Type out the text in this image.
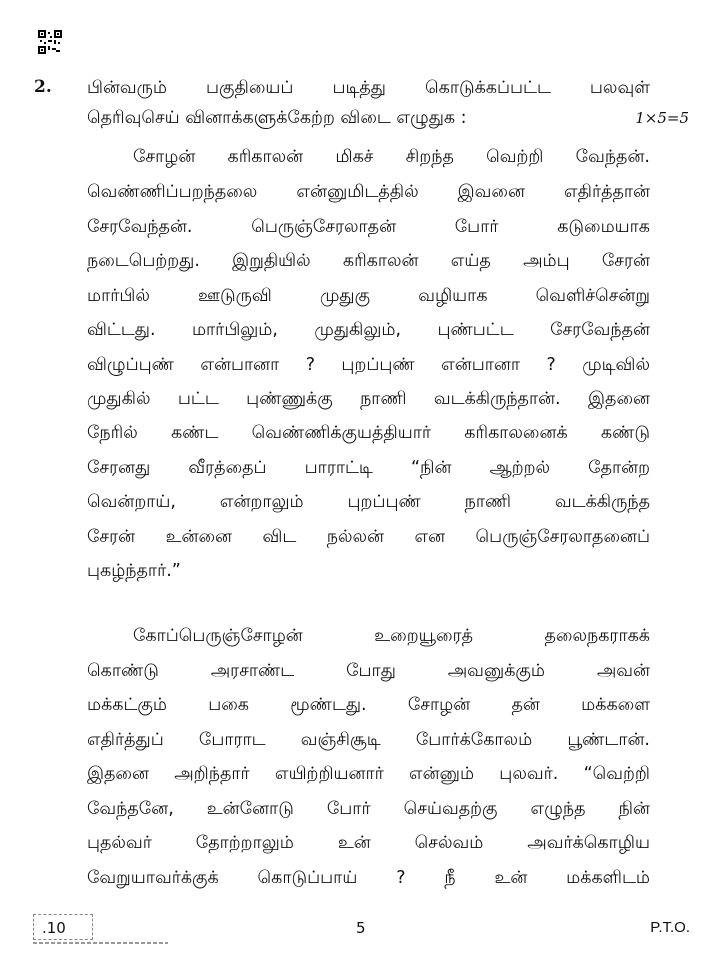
2. பின்வரும் பகுதியைப் படித்து கொடுக்கப்பட்ட பலவுள்
தெரிவுசெய் வினாக்களுக்கேற்ற விடை எழுதுக :	1×5=5
சோழன் கரிகாலன் மிகச் சிறந்த வெற்றி வேந்தன்.
வெண்ணிப்பறந்தலை என்னுமிடத்தில் இவனை எதிர்த்தான்
சேரவேந்தன். பெருஞ்சேரலாதன் போர் கடுமையாக
நடைபெற்றது. இறுதியில் கரிகாலன் எய்த அம்பு சேரன்
மார்பில் ஊடுருவி முதுகு வழியாக வெளிச்சென்று
விட்டது. மார்பிலும், முதுகிலும், புண்பட்ட சேரவேந்தன்
விழுப்புண் என்பானா ? புறப்புண் என்பானா ? முடிவில்
முதுகில் பட்ட புண்ணுக்கு நாணி வடக்கிருந்தான். இதனை
நேரில் கண்ட வெண்ணிக்குயத்தியார் கரிகாலனைக் கண்டு
சேரனது வீரத்தைப் பாராட்டி “நின் ஆற்றல் தோன்ற
வென்றாய், என்றாலும் புறப்புண் நாணி வடக்கிருந்த
சேரன் உன்னை விட நல்லன் என பெருஞ்சேரலாதனைப்
புகழ்ந்தார்.”
கோப்பெருஞ்சோழன் உறையூரைத் தலைநகராகக்
கொண்டு அரசாண்ட போது அவனுக்கும் அவன்
மக்கட்கும் பகை மூண்டது. சோழன் தன் மக்களை
எதிர்த்துப் போராட வஞ்சிசூடி போர்க்கோலம் பூண்டான்.
இதனை அறிந்தார் எயிற்றியனார் என்னும் புலவர். “வெற்றி
வேந்தனே, உன்னோடு போர் செய்வதற்கு எழுந்த நின்
புதல்வர் தோற்றாலும் உன் செல்வம் அவர்க்கொழிய
வேறுயாவர்க்குக் கொடுப்பாய் ? நீ உன் மக்களிடம்
.10	5	P.T.O.
